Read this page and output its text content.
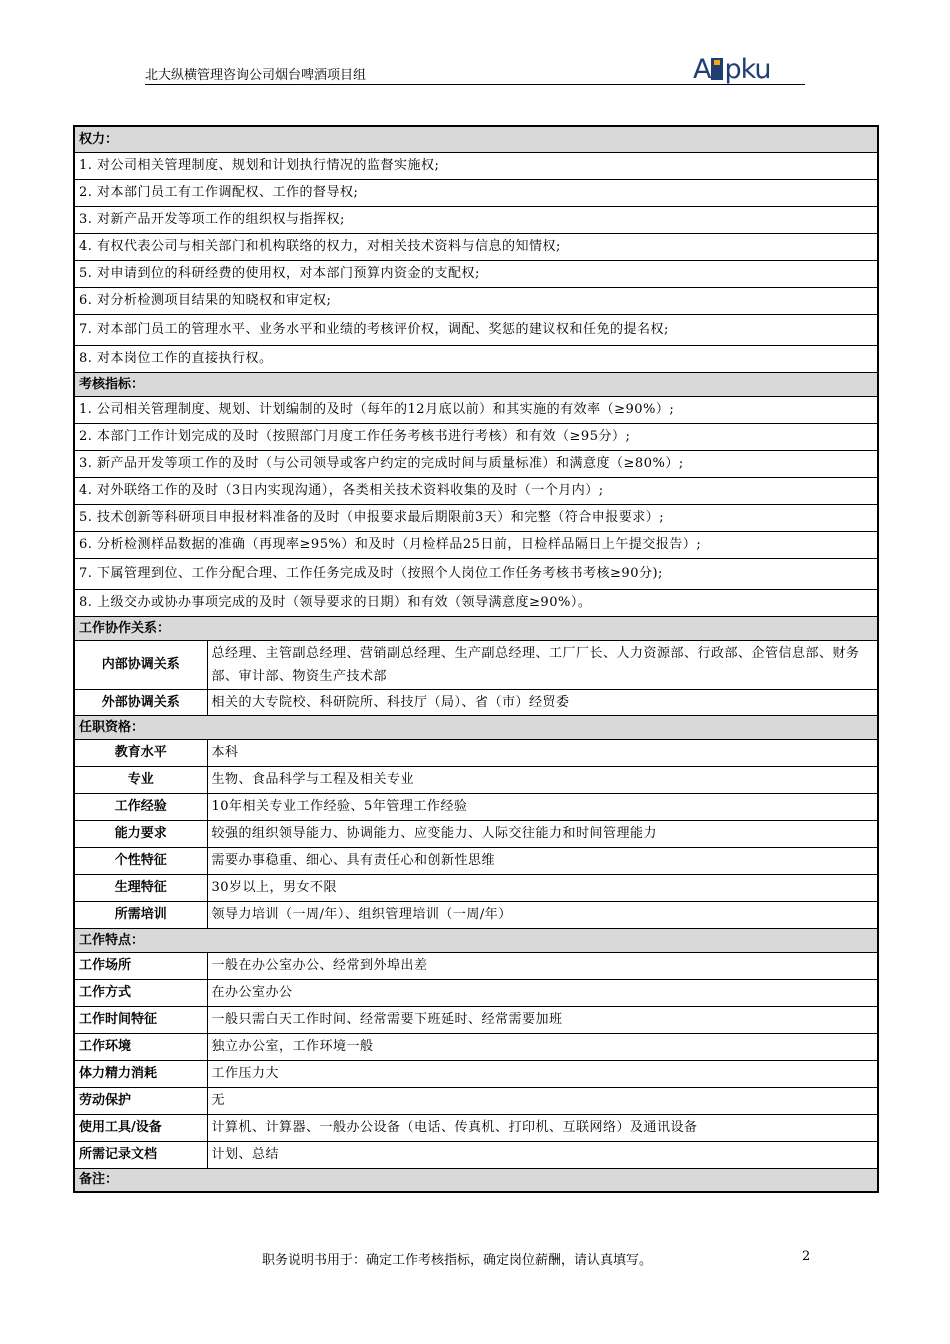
北大纵横管理咨询公司烟台啤酒项目组	A pku
权力：	
1. 对公司相关管理制度、规划和计划执行情况的监督实施权;	
2. 对本部门员工有工作调配权、工作的督导权;	
3. 对新产品开发等项工作的组织权与指挥权;	
4. 有权代表公司与相关部门和机构联络的权力，对相关技术资料与信息的知情权;	
5. 对申请到位的科研经费的使用权，对本部门预算内资金的支配权;	
6. 对分析检测项目结果的知晓权和审定权;	
7. 对本部门员工的管理水平、业务水平和业绩的考核评价权，调配、奖惩的建议权和任免的提名权;	
8. 对本岗位工作的直接执行权。	
考核指标：	
1. 公司相关管理制度、规划、计划编制的及时（每年的12月底以前）和其实施的有效率（≥90%）;	
2. 本部门工作计划完成的及时（按照部门月度工作任务考核书进行考核）和有效（≥95分）;	
3. 新产品开发等项工作的及时（与公司领导或客户约定的完成时间与质量标准）和满意度（≥80%）;	
4. 对外联络工作的及时（3日内实现沟通），各类相关技术资料收集的及时（一个月内）;	
5. 技术创新等科研项目申报材料准备的及时（申报要求最后期限前3天）和完整（符合申报要求）;	
6. 分析检测样品数据的准确（再现率≥95%）和及时（月检样品25日前，日检样品隔日上午提交报告）;	
7. 下属管理到位、工作分配合理、工作任务完成及时（按照个人岗位工作任务考核书考核≥90分);	
8. 上级交办或协办事项完成的及时（领导要求的日期）和有效（领导满意度≥90%）。	
工作协作关系：	
内部协调关系	总经理、主管副总经理、营销副总经理、生产副总经理、工厂厂长、人力资源部、行政部、企管信息部、财务部、审计部、物资生产技术部
外部协调关系	相关的大专院校、科研院所、科技厅（局）、省（市）经贸委
任职资格：	
教育水平	本科
专业	生物、食品科学与工程及相关专业
工作经验	10年相关专业工作经验、5年管理工作经验
能力要求	较强的组织领导能力、协调能力、应变能力、人际交往能力和时间管理能力
个性特征	需要办事稳重、细心、具有责任心和创新性思维
生理特征	30岁以上，男女不限
所需培训	领导力培训（一周/年）、组织管理培训（一周/年）
工作特点：	
工作场所	一般在办公室办公、经常到外埠出差
工作方式	在办公室办公
工作时间特征	一般只需白天工作时间、经常需要下班延时、经常需要加班
工作环境	独立办公室，工作环境一般
体力精力消耗	工作压力大
劳动保护	无
使用工具/设备	计算机、计算器、一般办公设备（电话、传真机、打印机、互联网络）及通讯设备
所需记录文档	计划、总结
备注：	
职务说明书用于：确定工作考核指标，确定岗位薪酬，请认真填写。	2
